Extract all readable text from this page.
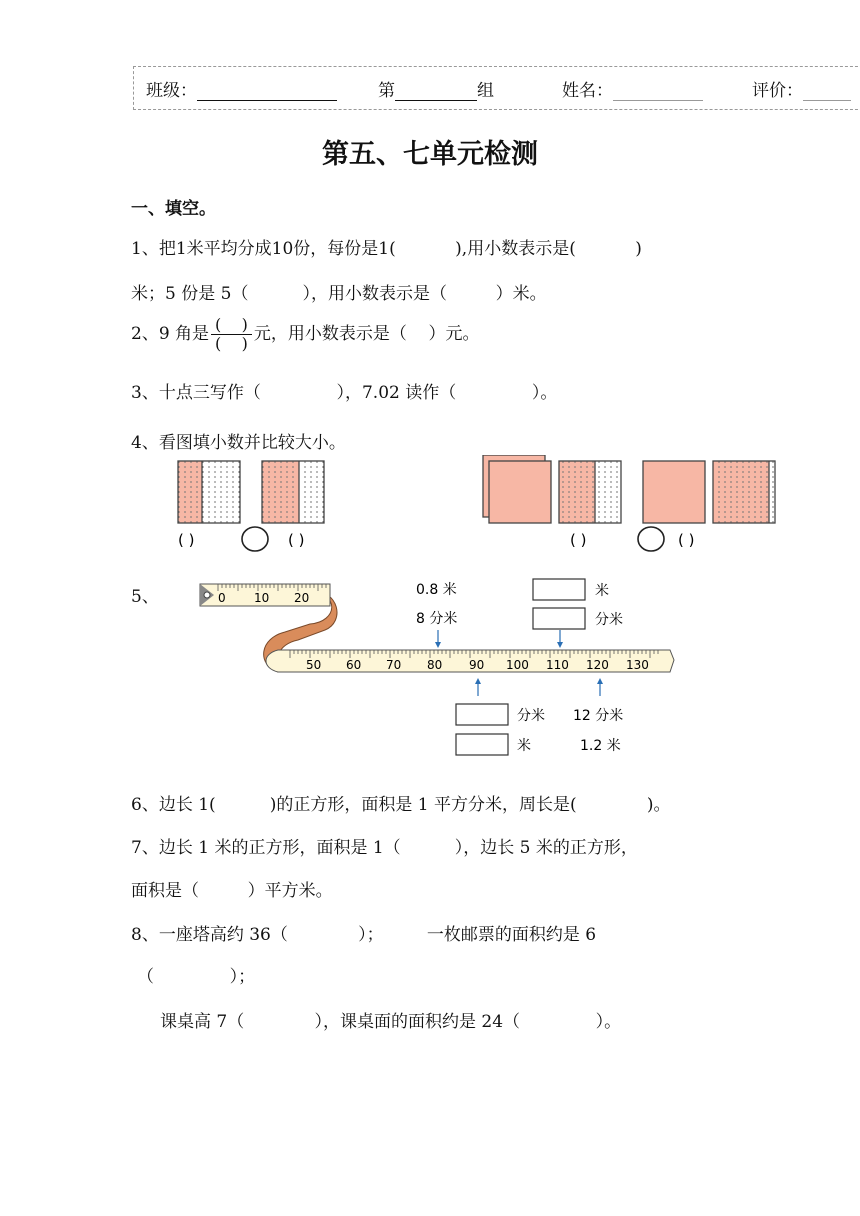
班级：	第	组	姓名：	评价：
第五、七单元检测
一、填空。
1、把1米平均分成10份，每份是1(           ),用小数表示是(           )
米；5 份是 5（          ），用小数表示是（         ）米。
2、9 角是 $\frac{( )}{( )}$ 元，用小数表示是（    ）元。
3、十点三写作（              ），7.02 读作（              ）。
4、看图填小数并比较大小。
( )	( )	( )	( )
5、	0 10 20
50 60 70 80 90 100 110 120 130
0.8 米
8 分米
米
分米
分米
米
12 分米
1.2 米
6、边长 1(          )的正方形，面积是 1 平方分米，周长是(             )。
7、边长 1 米的正方形，面积是 1（          ），边长 5 米的正方形，
面积是（         ）平方米。
8、一座塔高约 36（             ）；        一枚邮票的面积约是 6
（              ）；
课桌高 7（             ），课桌面的面积约是 24（              ）。
